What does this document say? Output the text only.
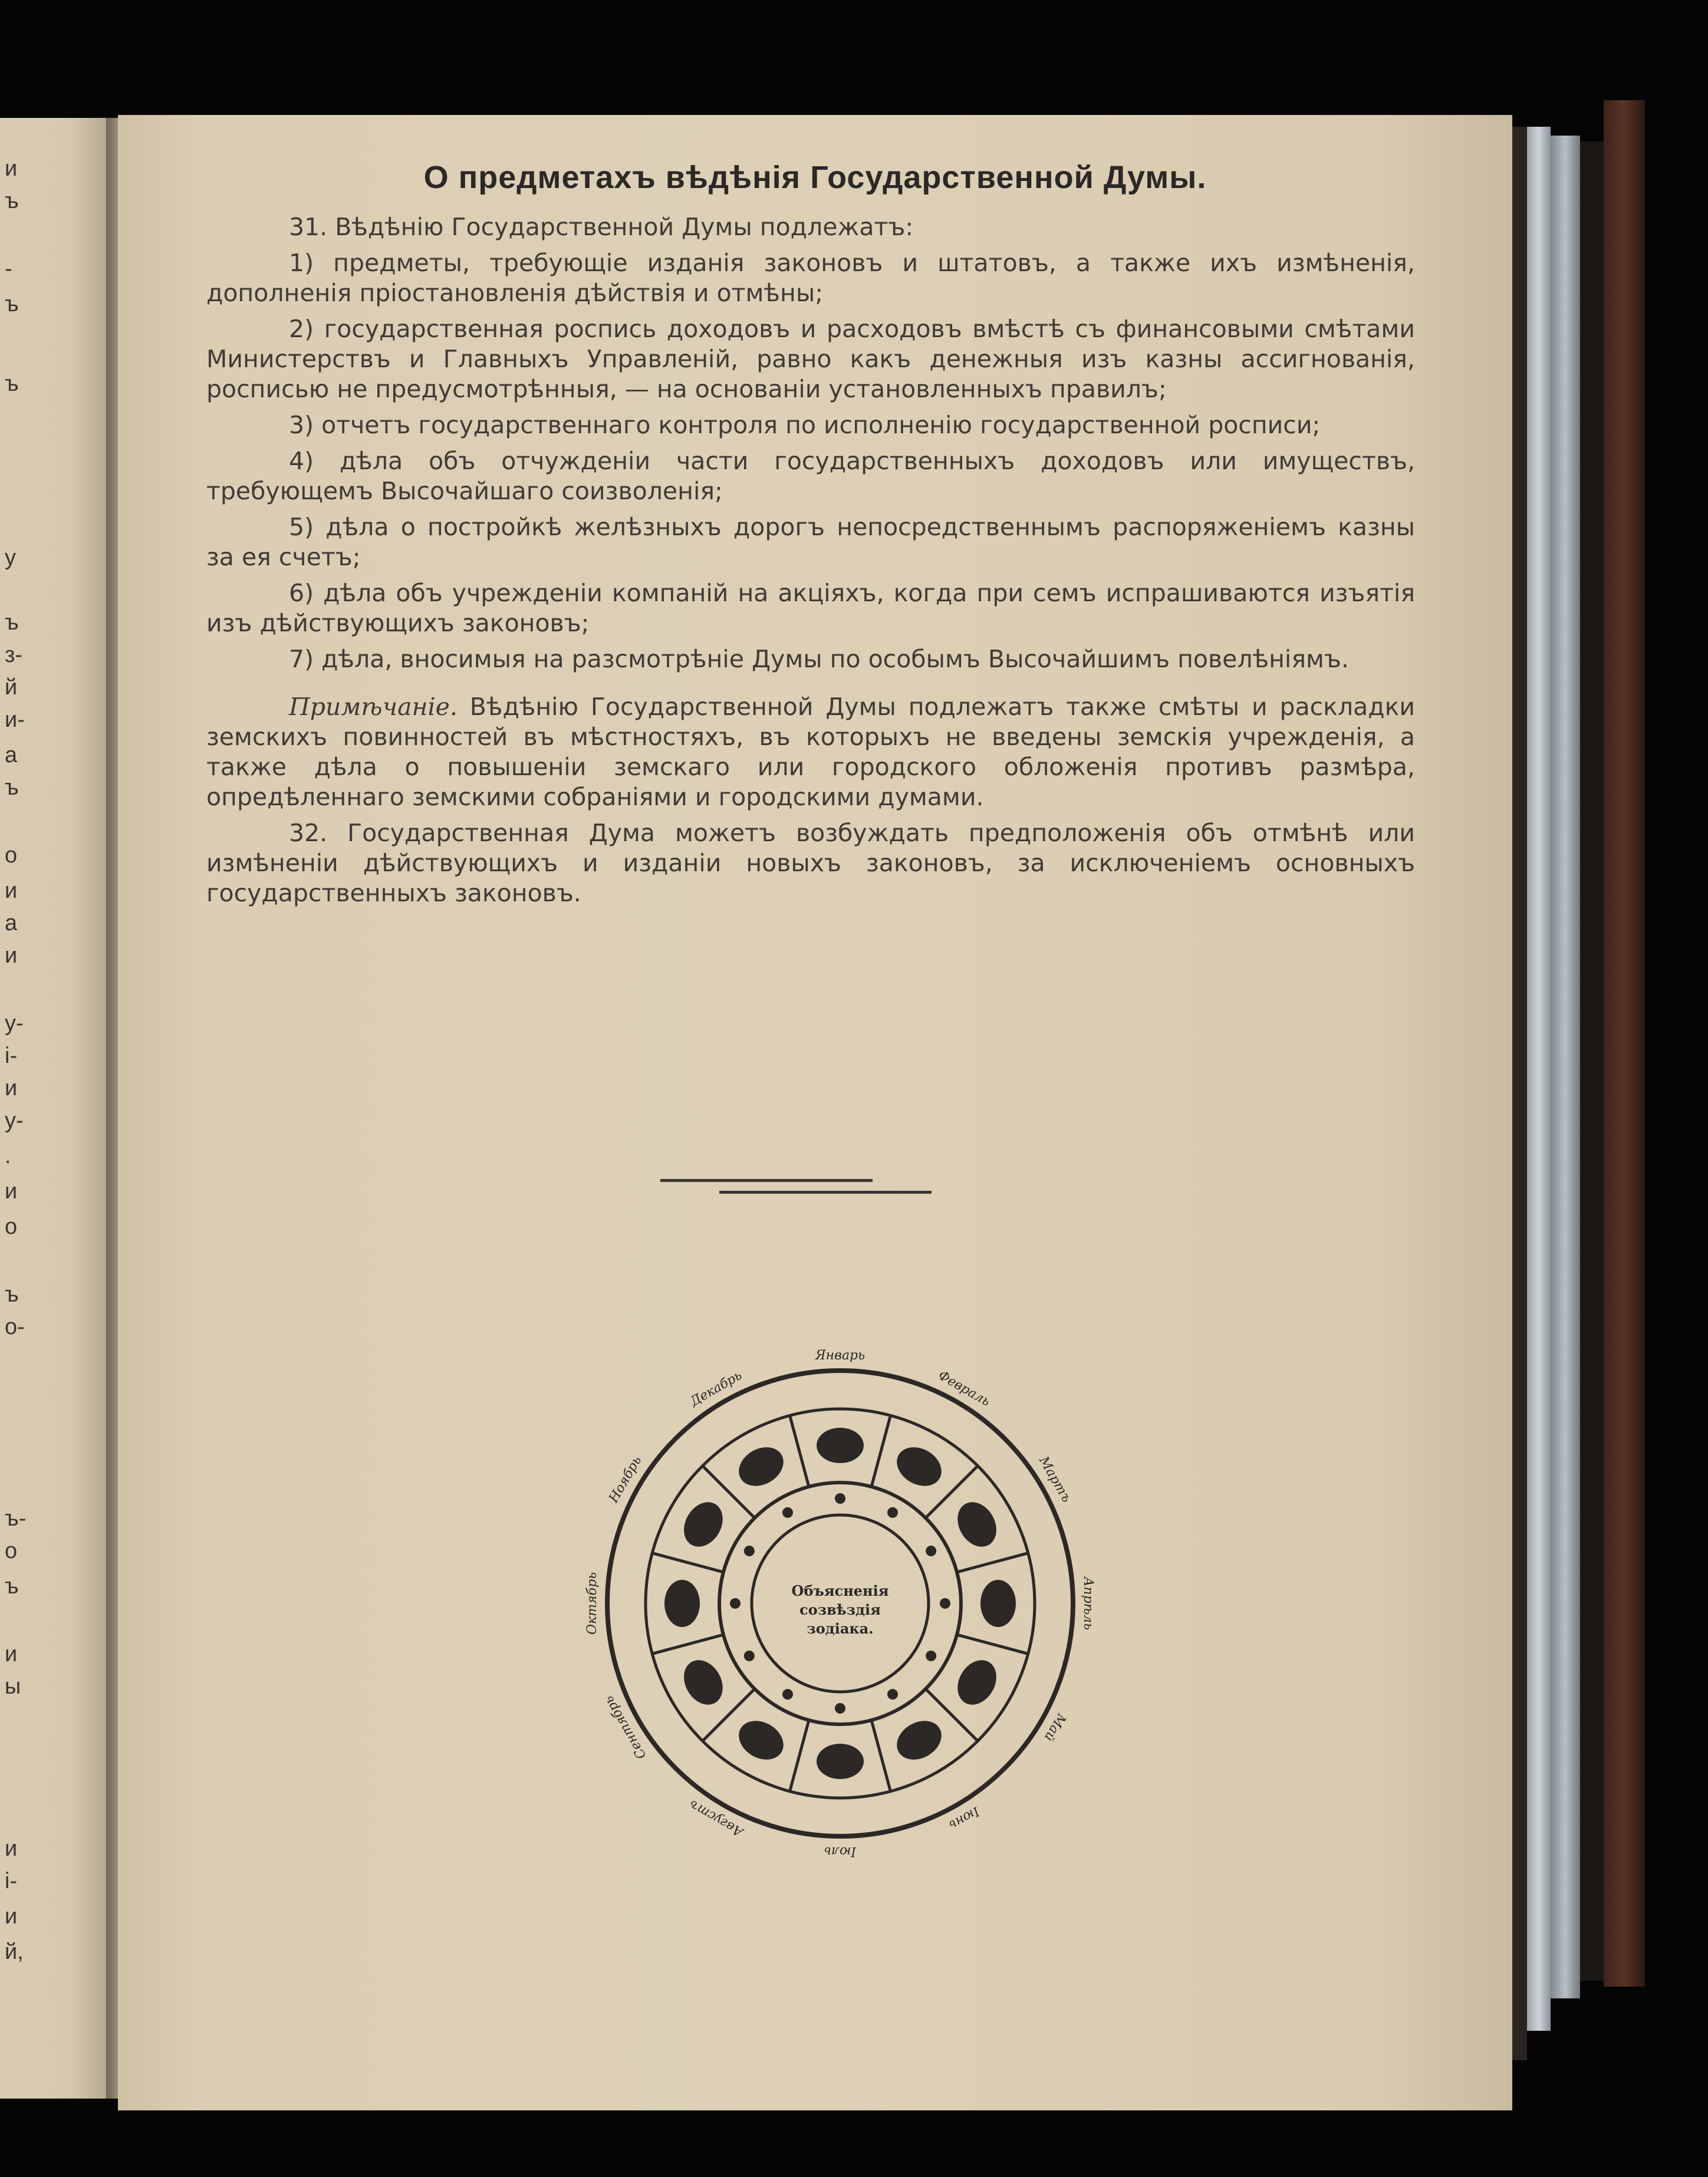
и
ъ
-
ъ
ъ
у
ъ
з-
й
и-
а
ъ
о
и
а
и
у-
і-
и
у-
.
и
о
ъ
о-
ъ-
о
ъ
и
ы
и
і-
и
й,
О предметахъ вѣдѣнія Государственной Думы.

31. Вѣдѣнію Государственной Думы подлежатъ:

1) предметы, требующіе изданія законовъ и штатовъ, а также ихъ измѣненія, дополненія пріостановленія дѣйствія и отмѣны;

2) государственная роспись доходовъ и расходовъ вмѣстѣ съ финансовыми смѣтами Министерствъ и Главныхъ Управленій, равно какъ денежныя изъ казны ассигнованія, росписью не предусмотрѣнныя, — на основаніи установленныхъ правилъ;

3) отчетъ государственнаго контроля по исполненію государственной росписи;

4) дѣла объ отчужденіи части государственныхъ доходовъ или имуществъ, требующемъ Высочайшаго соизволенія;

5) дѣла о постройкѣ желѣзныхъ дорогъ непосредственнымъ распоряженіемъ казны за ея счетъ;

6) дѣла объ учрежденіи компаній на акціяхъ, когда при семъ испрашиваются изъятія изъ дѣйствующихъ законовъ;

7) дѣла, вносимыя на разсмотрѣніе Думы по особымъ Высочайшимъ повелѣніямъ.

Примѣчаніе. Вѣдѣнію Государственной Думы подлежатъ также смѣты и раскладки земскихъ повинностей въ мѣстностяхъ, въ которыхъ не введены земскія учрежденія, а также дѣла о повышеніи земскаго или городского обложенія противъ размѣра, опредѣленнаго земскими собраніями и городскими думами.

32. Государственная Дума можетъ возбуждать предположенія объ отмѣнѣ или измѣненіи дѣйствующихъ и изданіи новыхъ законовъ, за исключеніемъ основныхъ государственныхъ законовъ.

Январь
Февраль
Мартъ
Апрѣль
Май
Іюнь
Іюль
Августъ
Сентябрь
Октябрь
Ноябрь
Декабрь
Объясненія
созвѣздія
зодіака.
2
